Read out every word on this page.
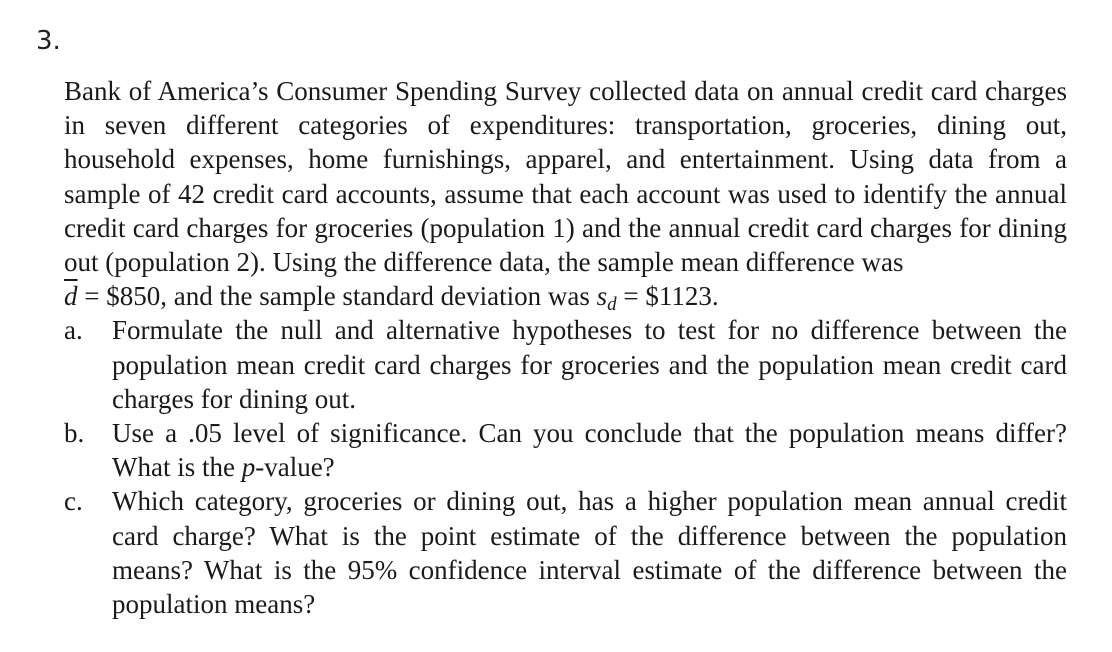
3.

Bank of America’s Consumer Spending Survey collected data on annual credit card charges in seven different categories of expenditures: transportation, groceries, dining out, household expenses, home furnishings, apparel, and entertainment. Using data from a sample of 42 credit card accounts, assume that each account was used to identify the annual credit card charges for groceries (population 1) and the annual credit card charges for dining out (population 2). Using the difference data, the sample mean difference was
$\overline{d}$ = $850, and the sample standard deviation was $s_d$ = $1123.

a.	Formulate the null and alternative hypotheses to test for no difference between the population mean credit card charges for groceries and the population mean credit card charges for dining out.
b.	Use a .05 level of significance. Can you conclude that the population means differ? What is the p-value?
c.	Which category, groceries or dining out, has a higher population mean annual credit card charge? What is the point estimate of the difference between the population means? What is the 95% confidence interval estimate of the difference between the population means?
